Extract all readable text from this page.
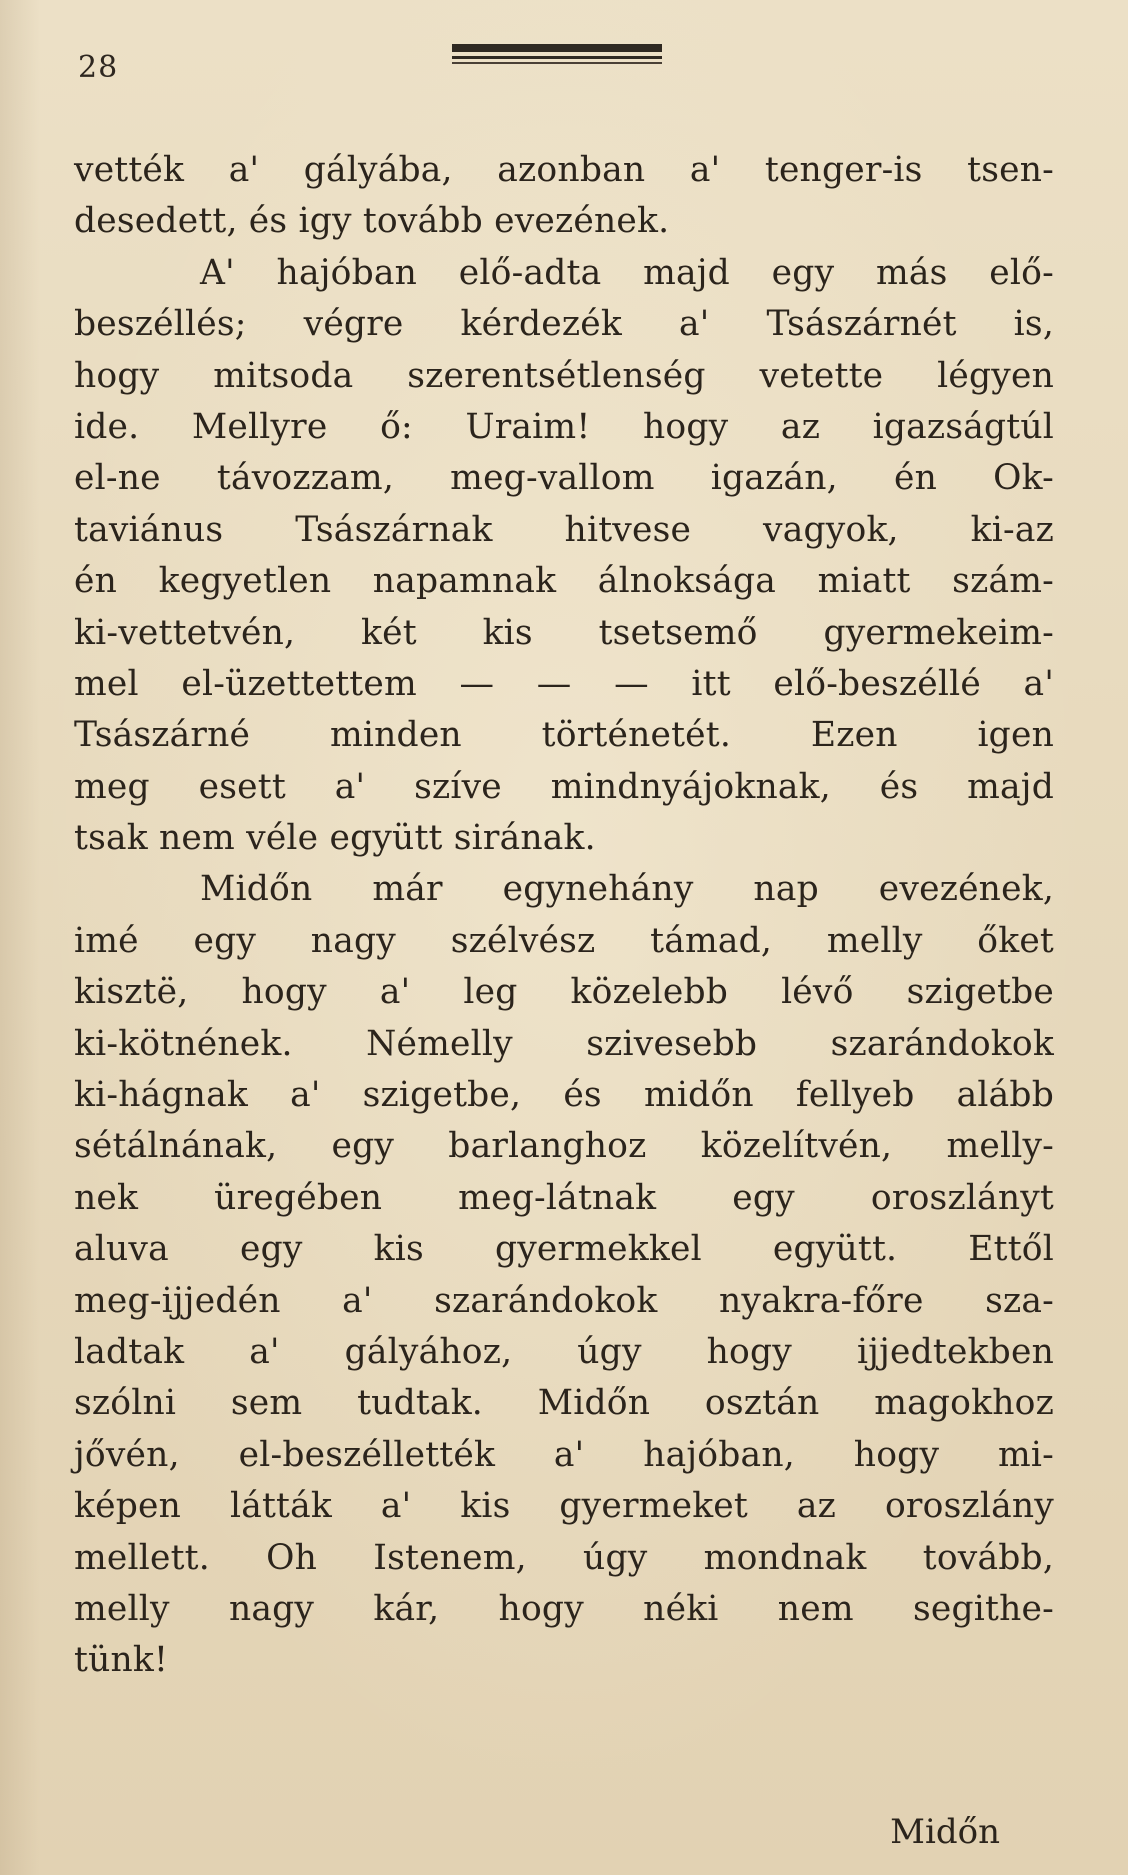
28
vették a' gályába, azonban a' tenger-is tsen-
desedett, és igy tovább evezének.
A' hajóban elő-adta majd egy más elő-
beszéllés; végre kérdezék a' Tsászárnét is,
hogy mitsoda szerentsétlenség vetette légyen
ide. Mellyre ő: Uraim! hogy az igazságtúl
el-ne távozzam, meg-vallom igazán, én Ok-
taviánus Tsászárnak hitvese vagyok, ki-az
én kegyetlen napamnak álnoksága miatt szám-
ki-vettetvén, két kis tsetsemő gyermekeim-
mel el-üzettettem — — — itt elő-beszéllé a'
Tsászárné minden történetét. Ezen igen
meg esett a' szíve mindnyájoknak, és majd
tsak nem véle együtt sirának.
Midőn már egynehány nap evezének,
imé egy nagy szélvész támad, melly őket
kisztё, hogy a' leg közelebb lévő szigetbe
ki-kötnének. Némelly szivesebb szarándokok
ki-hágnak a' szigetbe, és midőn fellyeb alább
sétálnának, egy barlanghoz közelítvén, melly-
nek üregében meg-látnak egy oroszlányt
aluva egy kis gyermekkel együtt. Ettől
meg-ijjedén a' szarándokok nyakra-főre sza-
ladtak a' gályához, úgy hogy ijjedtekben
szólni sem tudtak. Midőn osztán magokhoz
jővén, el-beszéllették a' hajóban, hogy mi-
képen látták a' kis gyermeket az oroszlány
mellett. Oh Istenem, úgy mondnak tovább,
melly nagy kár, hogy néki nem segithe-
tünk!
Midőn
